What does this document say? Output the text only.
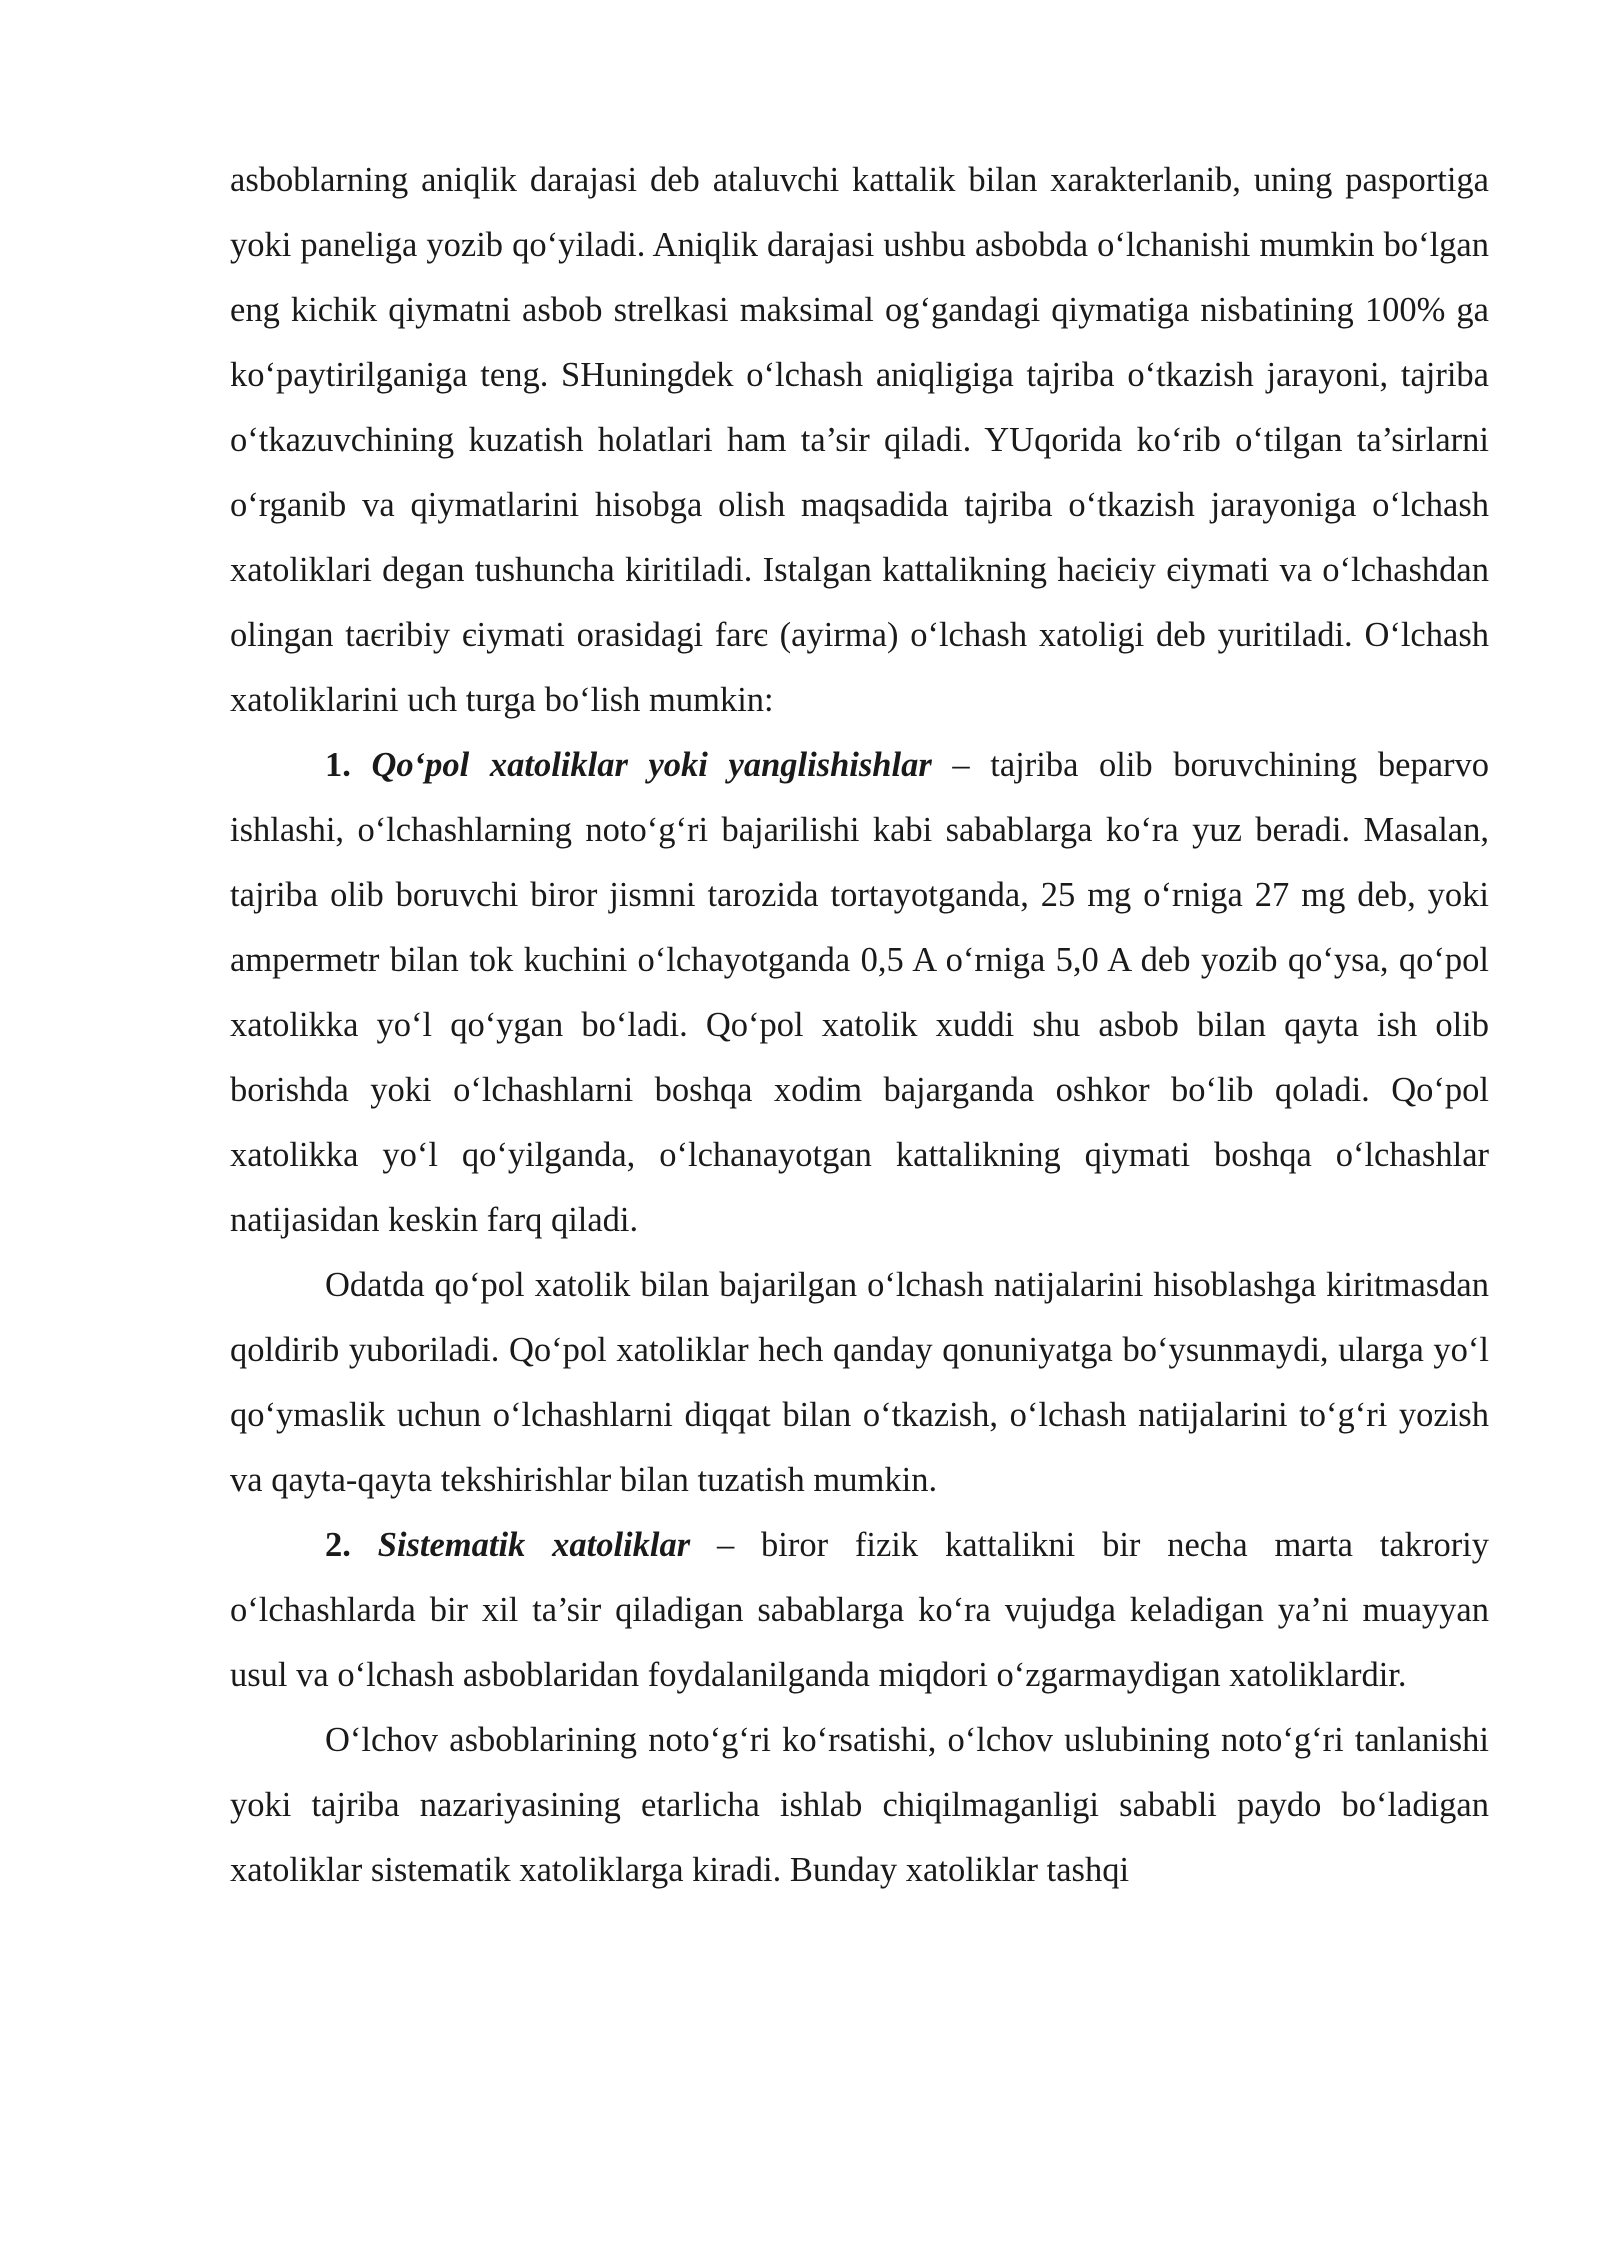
asboblarning aniqlik darajasi deb ataluvchi kattalik bilan xarakterlanib, uning pasportiga yoki paneliga yozib qo‘yiladi. Aniqlik darajasi ushbu asbobda o‘lchanishi mumkin bo‘lgan eng kichik qiymatni asbob strelkasi maksimal og‘gandagi qiymatiga nisbatining 100% ga ko‘paytirilganiga teng. SHuningdek o‘lchash aniqligiga tajriba o‘tkazish jarayoni, tajriba o‘tkazuvchining kuzatish holatlari ham ta’sir qiladi. YUqorida ko‘rib o‘tilgan ta’sirlarni o‘rganib va qiymatlarini hisobga olish maqsadida tajriba o‘tkazish jarayoniga o‘lchash xatoliklari degan tushuncha kiritiladi. Istalgan kattalikning haєiєiy єiymati va o‘lchashdan olingan taєribiy єiymati orasidagi farє (ayirma) o‘lchash xatoligi deb yuritiladi. O‘lchash xatoliklarini uch turga bo‘lish mumkin:

1. Qo‘pol xatoliklar yoki yanglishishlar – tajriba olib boruvchining beparvo ishlashi, o‘lchashlarning noto‘g‘ri bajarilishi kabi sabablarga ko‘ra yuz beradi. Masalan, tajriba olib boruvchi biror jismni tarozida tortayotganda, 25 mg o‘rniga 27 mg deb, yoki ampermetr bilan tok kuchini o‘lchayotganda 0,5 A o‘rniga 5,0 A deb yozib qo‘ysa, qo‘pol xatolikka yo‘l qo‘ygan bo‘ladi. Qo‘pol xatolik xuddi shu asbob bilan qayta ish olib borishda yoki o‘lchashlarni boshqa xodim bajarganda oshkor bo‘lib qoladi. Qo‘pol xatolikka yo‘l qo‘yilganda, o‘lchanayotgan kattalikning qiymati boshqa o‘lchashlar natijasidan keskin farq qiladi.

Odatda qo‘pol xatolik bilan bajarilgan o‘lchash natijalarini hisoblashga kiritmasdan qoldirib yuboriladi. Qo‘pol xatoliklar hech qanday qonuniyatga bo‘ysunmaydi, ularga yo‘l qo‘ymaslik uchun o‘lchashlarni diqqat bilan o‘tkazish, o‘lchash natijalarini to‘g‘ri yozish va qayta-qayta tekshirishlar bilan tuzatish mumkin.

2. Sistematik xatoliklar – biror fizik kattalikni bir necha marta takroriy o‘lchashlarda bir xil ta’sir qiladigan sabablarga ko‘ra vujudga keladigan ya’ni muayyan usul va o‘lchash asboblaridan foydalanilganda miqdori o‘zgarmaydigan xatoliklardir.

O‘lchov asboblarining noto‘g‘ri ko‘rsatishi, o‘lchov uslubining noto‘g‘ri tanlanishi yoki tajriba nazariyasining etarlicha ishlab chiqilmaganligi sababli paydo bo‘ladigan xatoliklar sistematik xatoliklarga kiradi. Bunday xatoliklar tashqi
